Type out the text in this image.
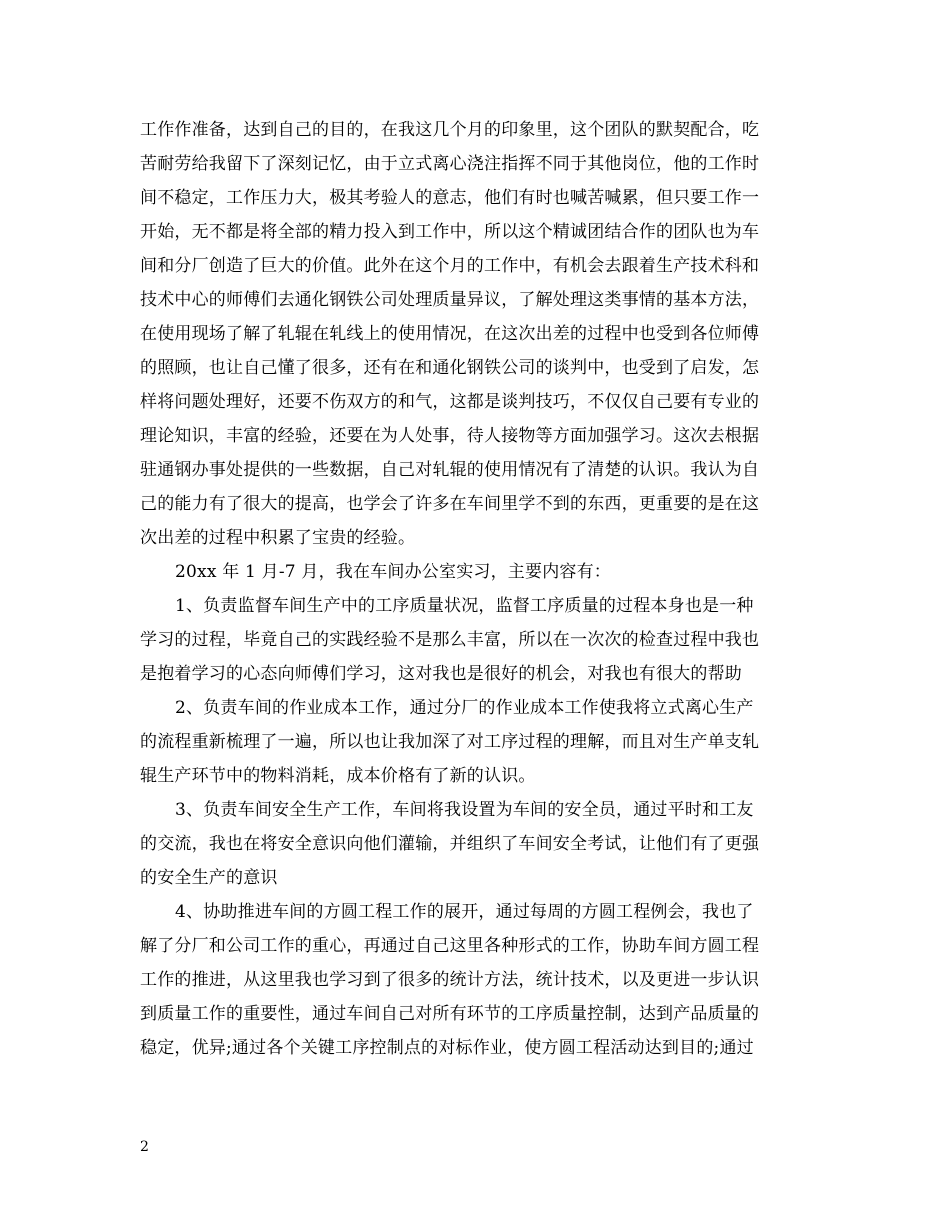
工作作准备，达到自己的目的，在我这几个月的印象里，这个团队的默契配合，吃
苦耐劳给我留下了深刻记忆，由于立式离心浇注指挥不同于其他岗位，他的工作时
间不稳定，工作压力大，极其考验人的意志，他们有时也喊苦喊累，但只要工作一
开始，无不都是将全部的精力投入到工作中，所以这个精诚团结合作的团队也为车
间和分厂创造了巨大的价值。此外在这个月的工作中，有机会去跟着生产技术科和
技术中心的师傅们去通化钢铁公司处理质量异议，了解处理这类事情的基本方法，
在使用现场了解了轧辊在轧线上的使用情况，在这次出差的过程中也受到各位师傅
的照顾，也让自己懂了很多，还有在和通化钢铁公司的谈判中，也受到了启发，怎
样将问题处理好，还要不伤双方的和气，这都是谈判技巧，不仅仅自己要有专业的
理论知识，丰富的经验，还要在为人处事，待人接物等方面加强学习。这次去根据
驻通钢办事处提供的一些数据，自己对轧辊的使用情况有了清楚的认识。我认为自
己的能力有了很大的提高，也学会了许多在车间里学不到的东西，更重要的是在这
次出差的过程中积累了宝贵的经验。
20xx 年 1 月-7 月，我在车间办公室实习，主要内容有：
1、负责监督车间生产中的工序质量状况，监督工序质量的过程本身也是一种
学习的过程，毕竟自己的实践经验不是那么丰富，所以在一次次的检查过程中我也
是抱着学习的心态向师傅们学习，这对我也是很好的机会，对我也有很大的帮助
2、负责车间的作业成本工作，通过分厂的作业成本工作使我将立式离心生产
的流程重新梳理了一遍，所以也让我加深了对工序过程的理解，而且对生产单支轧
辊生产环节中的物料消耗，成本价格有了新的认识。
3、负责车间安全生产工作，车间将我设置为车间的安全员，通过平时和工友
的交流，我也在将安全意识向他们灌输，并组织了车间安全考试，让他们有了更强
的安全生产的意识
4、协助推进车间的方圆工程工作的展开，通过每周的方圆工程例会，我也了
解了分厂和公司工作的重心，再通过自己这里各种形式的工作，协助车间方圆工程
工作的推进，从这里我也学习到了很多的统计方法，统计技术，以及更进一步认识
到质量工作的重要性，通过车间自己对所有环节的工序质量控制，达到产品质量的
稳定，优异;通过各个关键工序控制点的对标作业，使方圆工程活动达到目的;通过
2
